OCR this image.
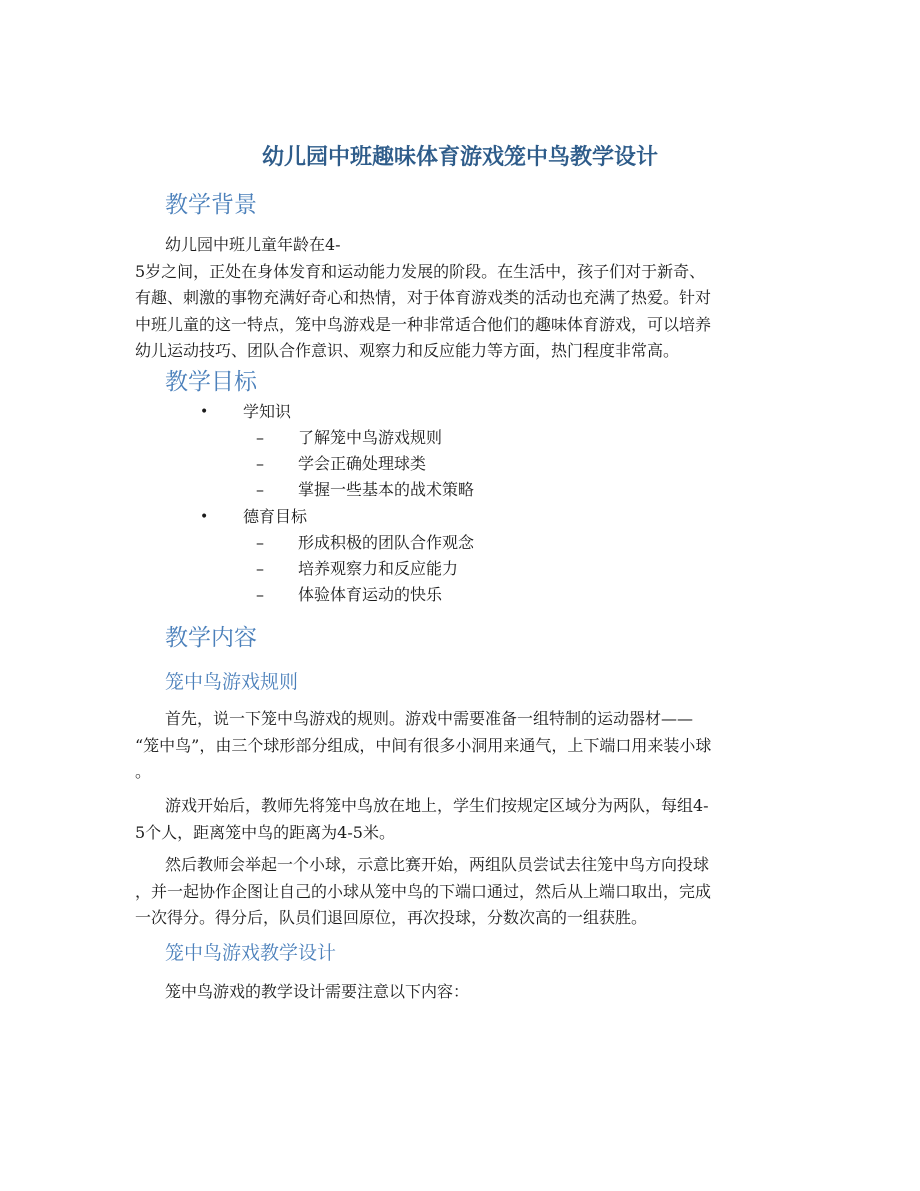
幼儿园中班趣味体育游戏笼中鸟教学设计
教学背景

幼儿园中班儿童年龄在4-
5岁之间，正处在身体发育和运动能力发展的阶段。在生活中，孩子们对于新奇、
有趣、刺激的事物充满好奇心和热情，对于体育游戏类的活动也充满了热爱。针对
中班儿童的这一特点，笼中鸟游戏是一种非常适合他们的趣味体育游戏，可以培养
幼儿运动技巧、团队合作意识、观察力和反应能力等方面，热门程度非常高。

教学目标
• 学知识
– 了解笼中鸟游戏规则
– 学会正确处理球类
– 掌握一些基本的战术策略
• 德育目标
– 形成积极的团队合作观念
– 培养观察力和反应能力
– 体验体育运动的快乐
教学内容
笼中鸟游戏规则

首先，说一下笼中鸟游戏的规则。游戏中需要准备一组特制的运动器材——
“笼中鸟”，由三个球形部分组成，中间有很多小洞用来通气，上下端口用来装小球
。

游戏开始后，教师先将笼中鸟放在地上，学生们按规定区域分为两队，每组4-
5个人，距离笼中鸟的距离为4-5米。

然后教师会举起一个小球，示意比赛开始，两组队员尝试去往笼中鸟方向投球
，并一起协作企图让自己的小球从笼中鸟的下端口通过，然后从上端口取出，完成
一次得分。得分后，队员们退回原位，再次投球，分数次高的一组获胜。

笼中鸟游戏教学设计

笼中鸟游戏的教学设计需要注意以下内容：
